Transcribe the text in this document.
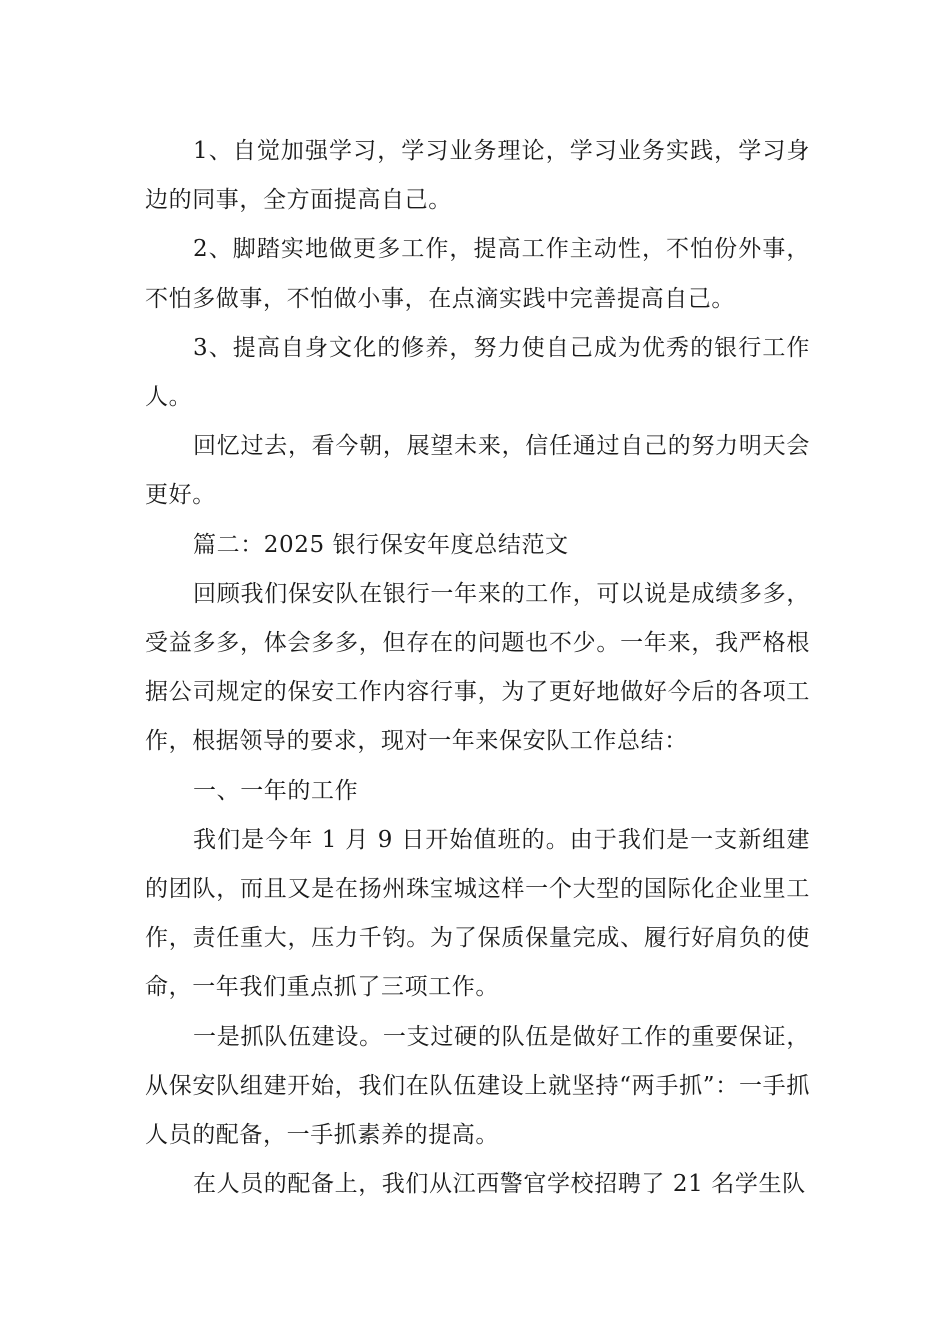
1、自觉加强学习，学习业务理论，学习业务实践，学习身边的同事，全方面提高自己。

2、脚踏实地做更多工作，提高工作主动性，不怕份外事，不怕多做事，不怕做小事，在点滴实践中完善提高自己。

3、提高自身文化的修养，努力使自己成为优秀的银行工作人。

回忆过去，看今朝，展望未来，信任通过自己的努力明天会更好。

篇二：2025 银行保安年度总结范文

回顾我们保安队在银行一年来的工作，可以说是成绩多多，受益多多，体会多多，但存在的问题也不少。一年来，我严格根据公司规定的保安工作内容行事，为了更好地做好今后的各项工作，根据领导的要求，现对一年来保安队工作总结：

一、一年的工作

我们是今年 1 月 9 日开始值班的。由于我们是一支新组建的团队，而且又是在扬州珠宝城这样一个大型的国际化企业里工作，责任重大，压力千钧。为了保质保量完成、履行好肩负的使命，一年我们重点抓了三项工作。

一是抓队伍建设。一支过硬的队伍是做好工作的重要保证，从保安队组建开始，我们在队伍建设上就坚持“两手抓”：一手抓人员的配备，一手抓素养的提高。

在人员的配备上，我们从江西警官学校招聘了 21 名学生队
